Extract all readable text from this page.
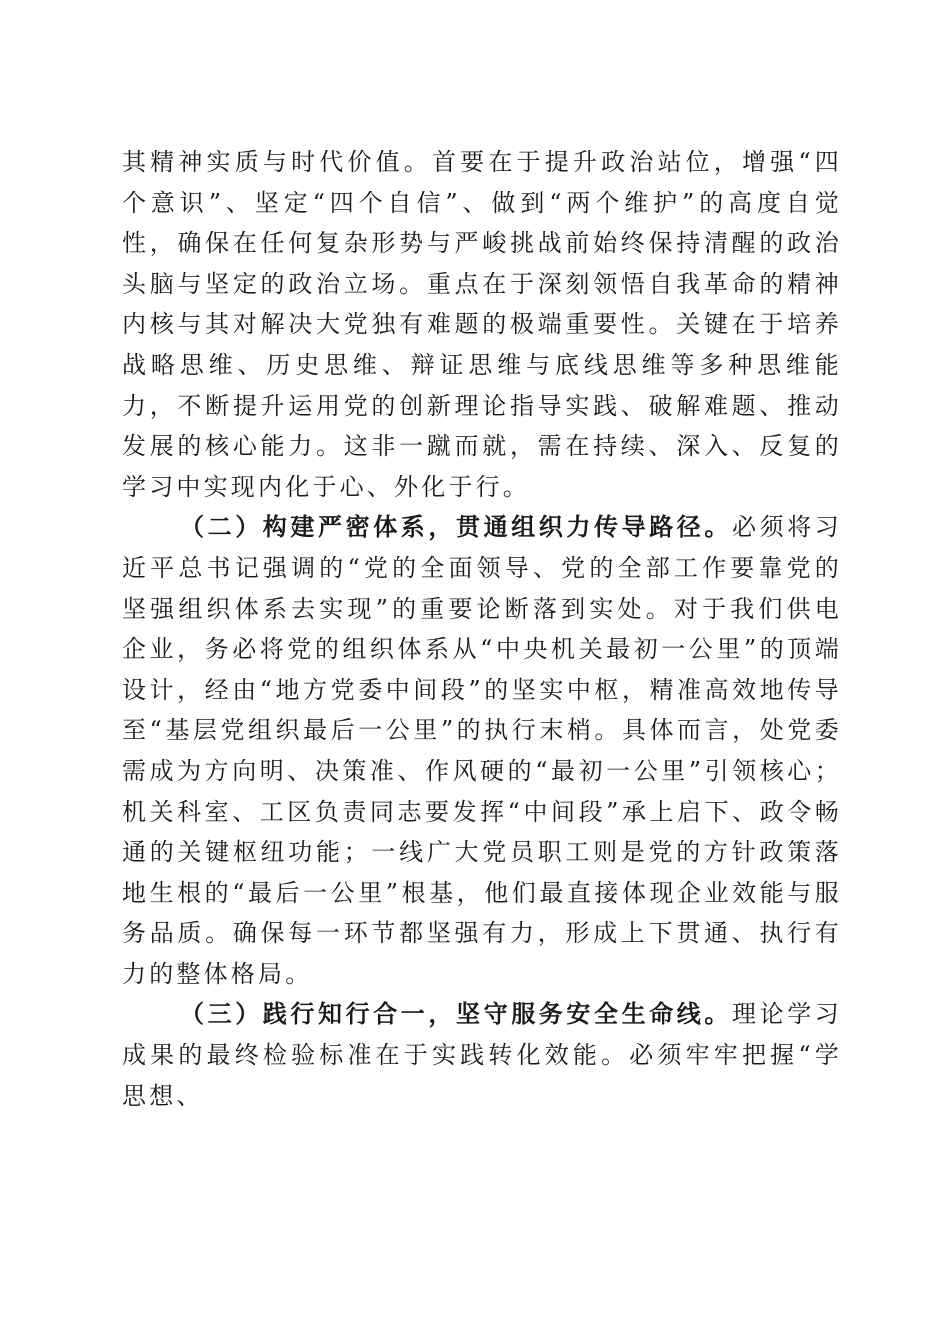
其精神实质与时代价值。首要在于提升政治站位，增强“四个意识”、坚定“四个自信”、做到“两个维护”的高度自觉性，确保在任何复杂形势与严峻挑战前始终保持清醒的政治头脑与坚定的政治立场。重点在于深刻领悟自我革命的精神内核与其对解决大党独有难题的极端重要性。关键在于培养战略思维、历史思维、辩证思维与底线思维等多种思维能力，不断提升运用党的创新理论指导实践、破解难题、推动发展的核心能力。这非一蹴而就，需在持续、深入、反复的学习中实现内化于心、外化于行。

（二）构建严密体系，贯通组织力传导路径。必须将习近平总书记强调的“党的全面领导、党的全部工作要靠党的坚强组织体系去实现”的重要论断落到实处。对于我们供电企业，务必将党的组织体系从“中央机关最初一公里”的顶端设计，经由“地方党委中间段”的坚实中枢，精准高效地传导至“基层党组织最后一公里”的执行末梢。具体而言，处党委需成为方向明、决策准、作风硬的“最初一公里”引领核心；机关科室、工区负责同志要发挥“中间段”承上启下、政令畅通的关键枢纽功能；一线广大党员职工则是党的方针政策落地生根的“最后一公里”根基，他们最直接体现企业效能与服务品质。确保每一环节都坚强有力，形成上下贯通、执行有力的整体格局。

（三）践行知行合一，坚守服务安全生命线。理论学习成果的最终检验标准在于实践转化效能。必须牢牢把握“学思想、
